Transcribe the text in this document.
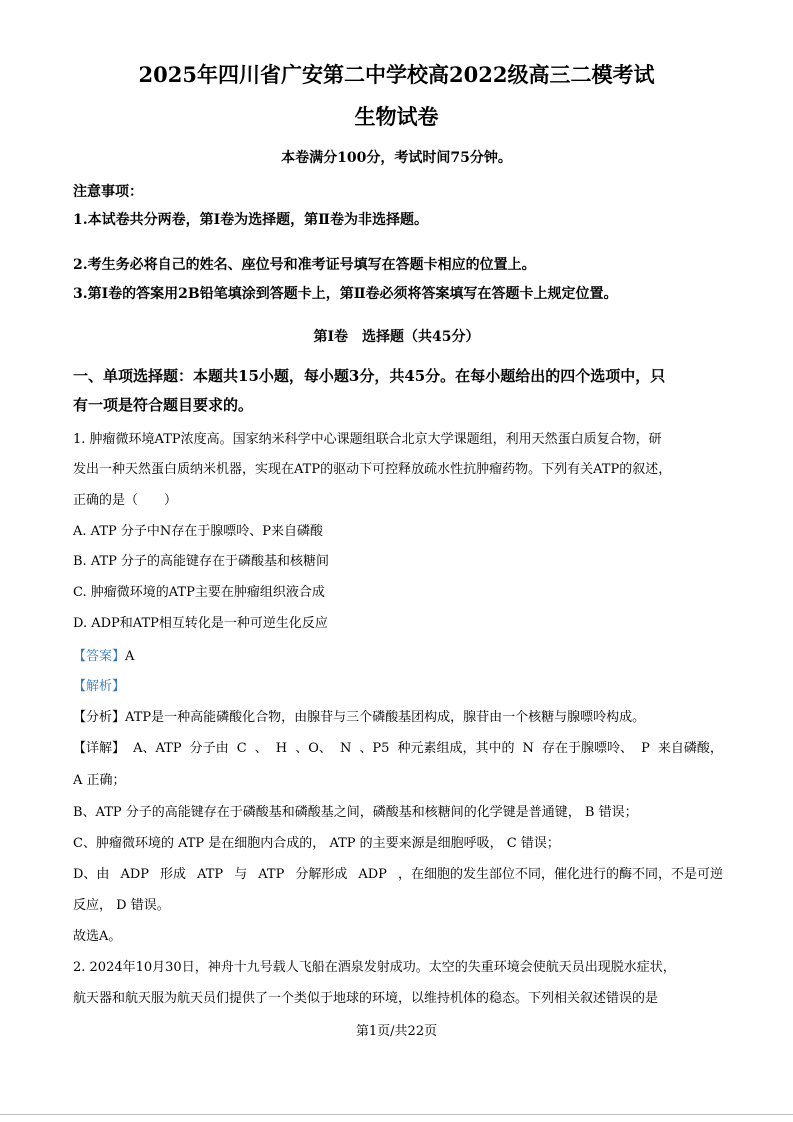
2025年四川省广安第二中学校高2022级高三二模考试
生物试卷
本卷满分100分，考试时间75分钟。
注意事项：
1.本试卷共分两卷，第Ⅰ卷为选择题，第Ⅱ卷为非选择题。
2.考生务必将自己的姓名、座位号和准考证号填写在答题卡相应的位置上。
3.第Ⅰ卷的答案用2B铅笔填涂到答题卡上，第Ⅱ卷必须将答案填写在答题卡上规定位置。
第Ⅰ卷　选择题（共45分）
一、单项选择题：本题共15小题，每小题3分，共45分。在每小题给出的四个选项中，只
有一项是符合题目要求的。
1. 肿瘤微环境ATP浓度高。国家纳米科学中心课题组联合北京大学课题组，利用天然蛋白质复合物，研
发出一种天然蛋白质纳米机器，实现在ATP的驱动下可控释放疏水性抗肿瘤药物。下列有关ATP的叙述，
正确的是（　　）
A. ATP 分子中N存在于腺嘌呤、P来自磷酸
B. ATP 分子的高能键存在于磷酸基和核糖间
C. 肿瘤微环境的ATP主要在肿瘤组织液合成
D. ADP和ATP相互转化是一种可逆生化反应
【答案】A
【解析】
【分析】ATP是一种高能磷酸化合物，由腺苷与三个磷酸基团构成，腺苷由一个核糖与腺嘌呤构成。
【详解】 A、ATP 分子由 C 、 H 、O、 N 、P5 种元素组成，其中的 N 存在于腺嘌呤、 P 来自磷酸，
A 正确；
B、ATP 分子的高能键存在于磷酸基和磷酸基之间，磷酸基和核糖间的化学键是普通键， B 错误；
C、肿瘤微环境的 ATP 是在细胞内合成的， ATP 的主要来源是细胞呼吸， C 错误；
D、由 ADP 形成 ATP 与 ATP 分解形成 ADP ，在细胞的发生部位不同，催化进行的酶不同，不是可逆
反应， D 错误。
故选A。
2. 2024年10月30日，神舟十九号载人飞船在酒泉发射成功。太空的失重环境会使航天员出现脱水症状，
航天器和航天服为航天员们提供了一个类似于地球的环境，以维持机体的稳态。下列相关叙述错误的是
第1页/共22页
